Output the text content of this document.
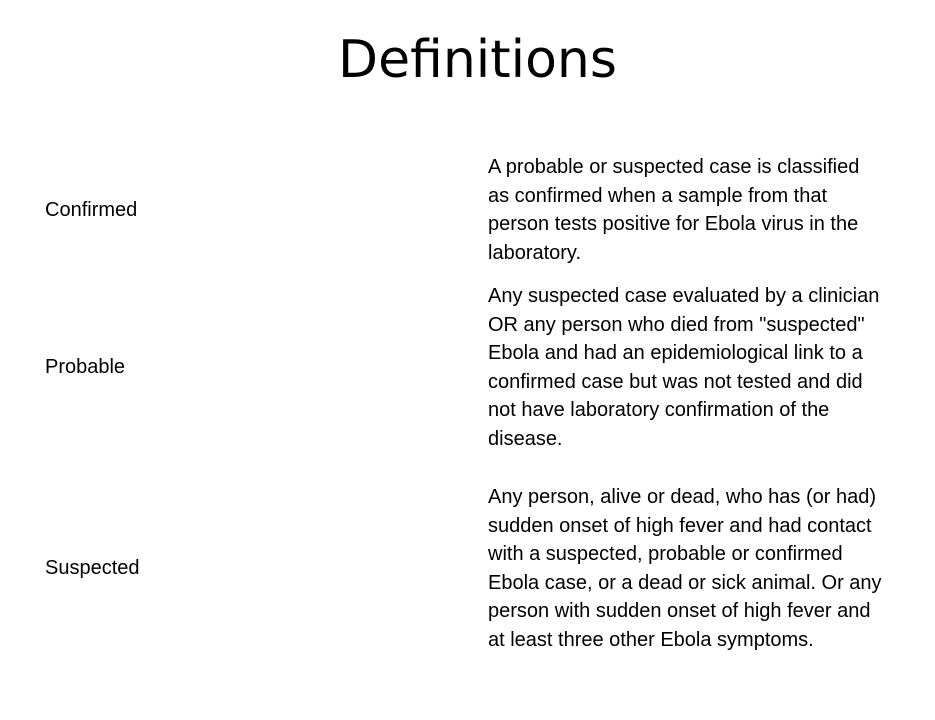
Definitions
Confirmed
A probable or suspected case is classified
as confirmed when a sample from that
person tests positive for Ebola virus in the
laboratory.
Probable
Any suspected case evaluated by a clinician
OR any person who died from "suspected"
Ebola and had an epidemiological link to a
confirmed case but was not tested and did
not have laboratory confirmation of the
disease.
Suspected
Any person, alive or dead, who has (or had)
sudden onset of high fever and had contact
with a suspected, probable or confirmed
Ebola case, or a dead or sick animal. Or any
person with sudden onset of high fever and
at least three other Ebola symptoms.
